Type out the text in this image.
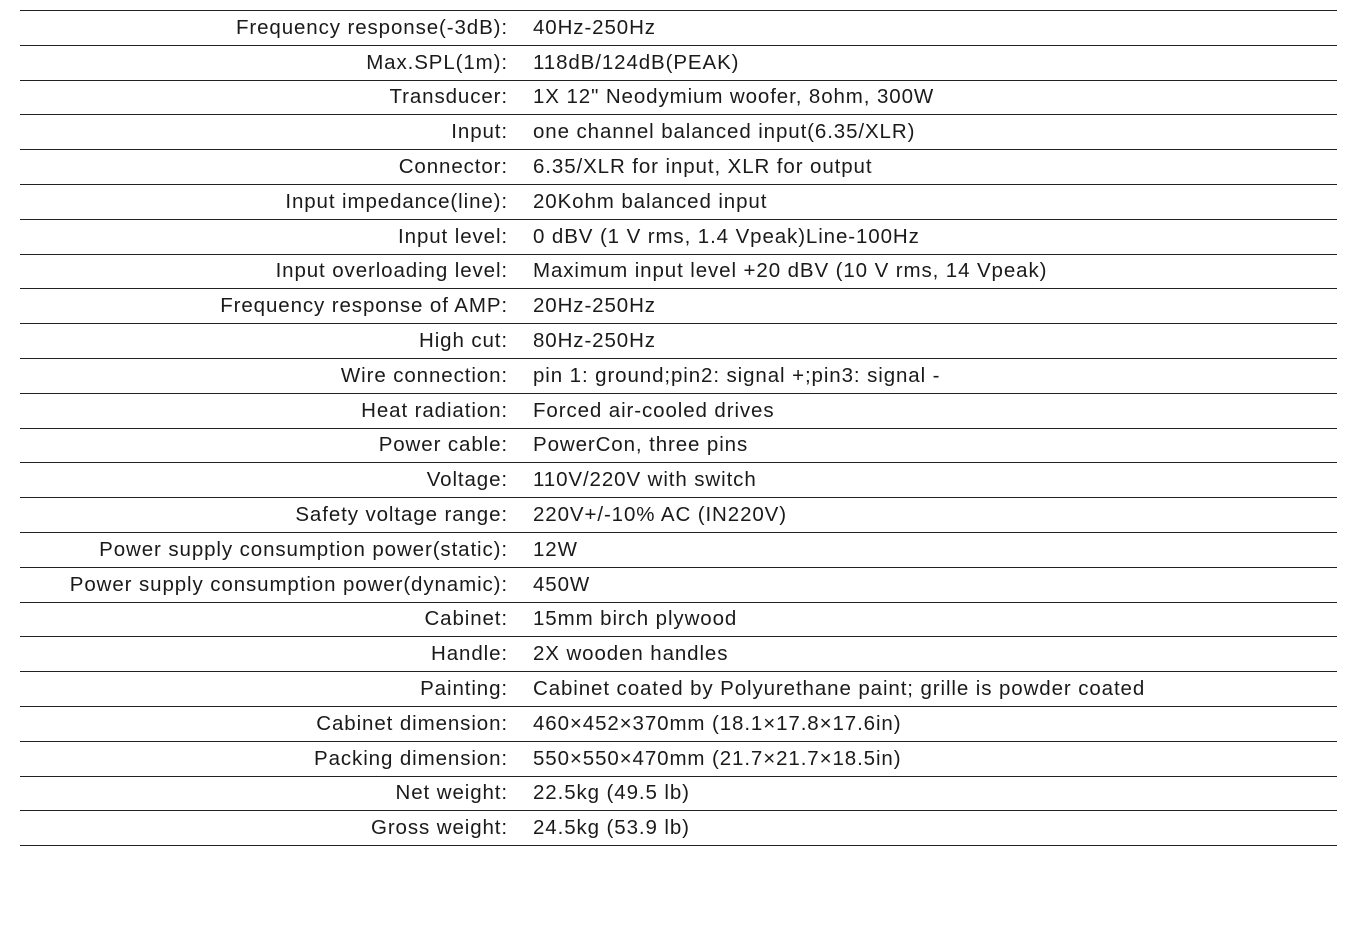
Frequency response(-3dB):	40Hz-250Hz
Max.SPL(1m):	118dB/124dB(PEAK)
Transducer:	1X 12" Neodymium woofer, 8ohm, 300W
Input:	one channel balanced input(6.35/XLR)
Connector:	6.35/XLR for input, XLR for output
Input impedance(line):	20Kohm balanced input
Input level:	0 dBV (1 V rms, 1.4 Vpeak)Line-100Hz
Input overloading level:	Maximum input level +20 dBV (10 V rms, 14 Vpeak)
Frequency response of AMP:	20Hz-250Hz
High cut:	80Hz-250Hz
Wire connection:	pin 1: ground;pin2: signal +;pin3: signal -
Heat radiation:	Forced air-cooled drives
Power cable:	PowerCon, three pins
Voltage:	110V/220V with switch
Safety voltage range:	220V+/-10% AC (IN220V)
Power supply consumption power(static):	12W
Power supply consumption power(dynamic):	450W
Cabinet:	15mm birch plywood
Handle:	2X wooden handles
Painting:	Cabinet coated by Polyurethane paint; grille is powder coated
Cabinet dimension:	460×452×370mm (18.1×17.8×17.6in)
Packing dimension:	550×550×470mm (21.7×21.7×18.5in)
Net weight:	22.5kg (49.5 lb)
Gross weight:	24.5kg (53.9 lb)
